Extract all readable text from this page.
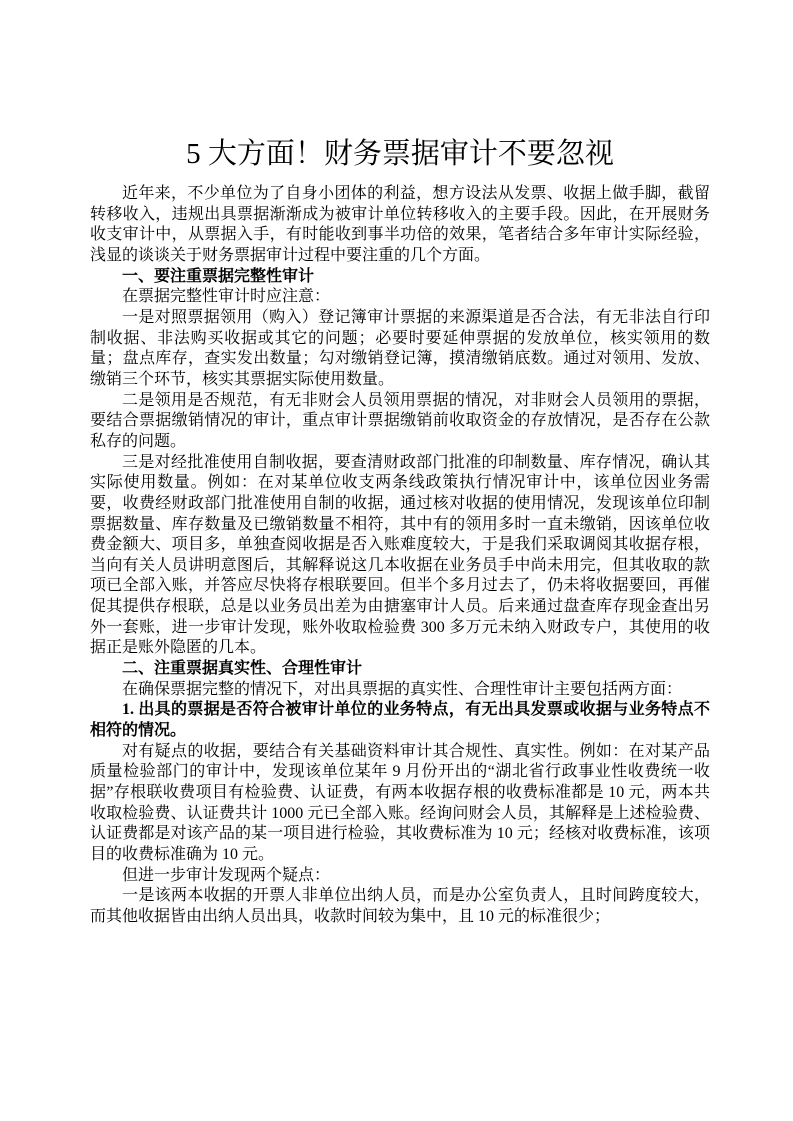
5 大方面！财务票据审计不要忽视

近年来，不少单位为了自身小团体的利益，想方设法从发票、收据上做手脚，截留转移收入，违规出具票据渐渐成为被审计单位转移收入的主要手段。因此，在开展财务收支审计中，从票据入手，有时能收到事半功倍的效果，笔者结合多年审计实际经验，浅显的谈谈关于财务票据审计过程中要注重的几个方面。

一、要注重票据完整性审计

在票据完整性审计时应注意：

一是对照票据领用（购入）登记簿审计票据的来源渠道是否合法，有无非法自行印制收据、非法购买收据或其它的问题；必要时要延伸票据的发放单位，核实领用的数量；盘点库存，查实发出数量；勾对缴销登记簿，摸清缴销底数。通过对领用、发放、缴销三个环节，核实其票据实际使用数量。

二是领用是否规范，有无非财会人员领用票据的情况，对非财会人员领用的票据，要结合票据缴销情况的审计，重点审计票据缴销前收取资金的存放情况，是否存在公款私存的问题。

三是对经批准使用自制收据，要查清财政部门批准的印制数量、库存情况，确认其实际使用数量。例如：在对某单位收支两条线政策执行情况审计中，该单位因业务需要，收费经财政部门批准使用自制的收据，通过核对收据的使用情况，发现该单位印制票据数量、库存数量及已缴销数量不相符，其中有的领用多时一直未缴销，因该单位收费金额大、项目多，单独查阅收据是否入账难度较大，于是我们采取调阅其收据存根，当向有关人员讲明意图后，其解释说这几本收据在业务员手中尚未用完，但其收取的款项已全部入账，并答应尽快将存根联要回。但半个多月过去了，仍未将收据要回，再催促其提供存根联，总是以业务员出差为由搪塞审计人员。后来通过盘查库存现金查出另外一套账，进一步审计发现，账外收取检验费 300 多万元未纳入财政专户，其使用的收据正是账外隐匿的几本。

二、注重票据真实性、合理性审计

在确保票据完整的情况下，对出具票据的真实性、合理性审计主要包括两方面：

1. 出具的票据是否符合被审计单位的业务特点，有无出具发票或收据与业务特点不相符的情况。

对有疑点的收据，要结合有关基础资料审计其合规性、真实性。例如：在对某产品质量检验部门的审计中，发现该单位某年 9 月份开出的“湖北省行政事业性收费统一收据”存根联收费项目有检验费、认证费，有两本收据存根的收费标准都是 10 元，两本共收取检验费、认证费共计 1000 元已全部入账。经询问财会人员，其解释是上述检验费、认证费都是对该产品的某一项目进行检验，其收费标准为 10 元；经核对收费标准，该项目的收费标准确为 10 元。

但进一步审计发现两个疑点：

一是该两本收据的开票人非单位出纳人员，而是办公室负责人，且时间跨度较大，而其他收据皆由出纳人员出具，收款时间较为集中，且 10 元的标准很少；
